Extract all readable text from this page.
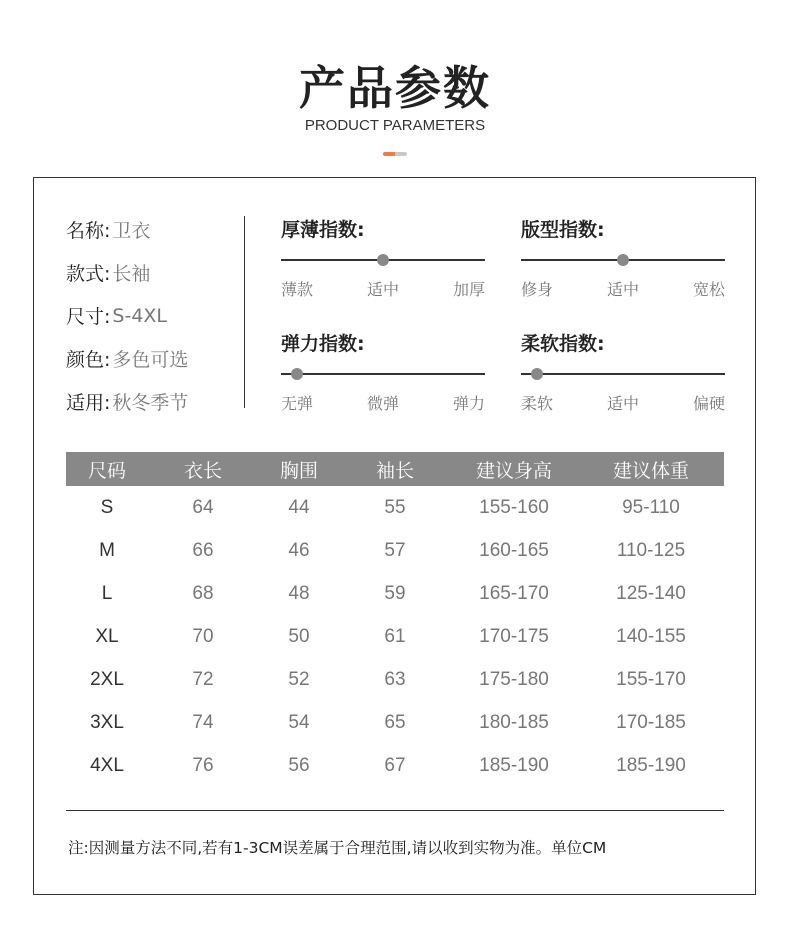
产品参数
PRODUCT PARAMETERS
名称: 卫衣
款式: 长袖
尺寸: S-4XL
颜色: 多色可选
适用: 秋冬季节
厚薄指数:
薄款	适中	加厚
版型指数:
修身	适中	宽松
弹力指数:
无弹	微弹	弹力
柔软指数:
柔软	适中	偏硬
尺码	衣长	胸围	袖长	建议身高	建议体重
S	64	44	55	155-160	95-110
M	66	46	57	160-165	110-125
L	68	48	59	165-170	125-140
XL	70	50	61	170-175	140-155
2XL	72	52	63	175-180	155-170
3XL	74	54	65	180-185	170-185
4XL	76	56	67	185-190	185-190
注:因测量方法不同,若有1-3CM误差属于合理范围,请以收到实物为准。单位CM
